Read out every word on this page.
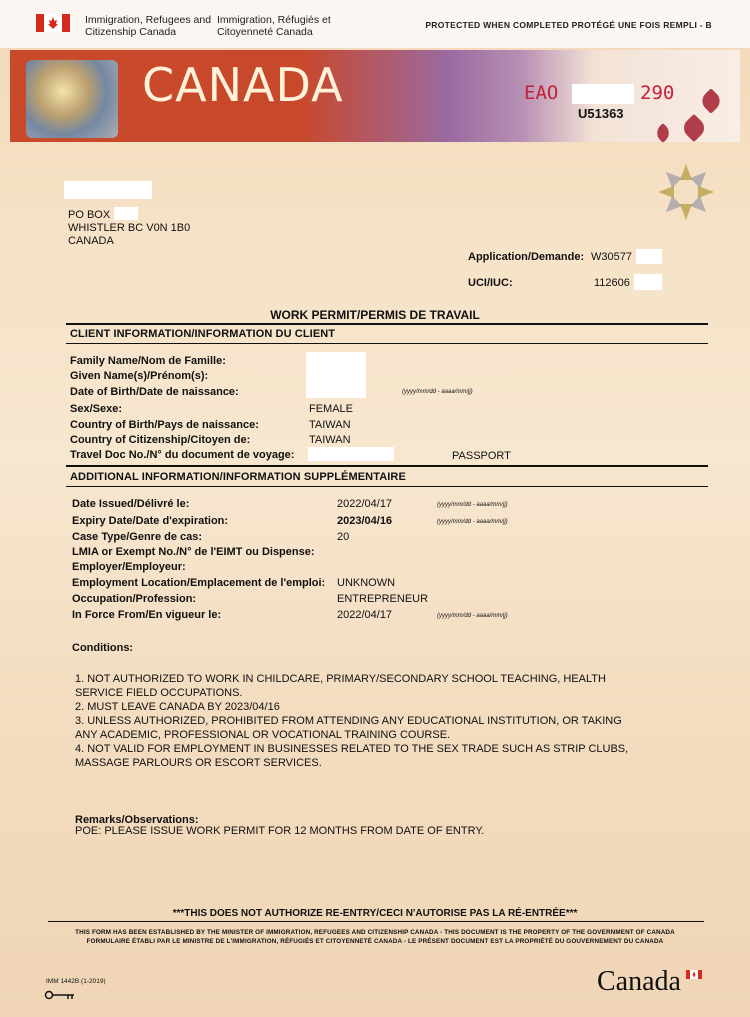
Immigration, Refugees and
Citizenship Canada
Immigration, Réfugiés et
Citoyenneté Canada
PROTECTED WHEN COMPLETED PROTÉGÉ UNE FOIS REMPLI - B
CANADA	EAO	290
U51363
PO BOX
WHISTLER BC V0N 1B0
CANADA
Application/Demande: W30577
UCI/IUC:	112606
WORK PERMIT/PERMIS DE TRAVAIL
CLIENT INFORMATION/INFORMATION DU CLIENT
Family Name/Nom de Famille:
Given Name(s)/Prénom(s):
Date of Birth/Date de naissance:	(yyyy/mm/dd - aaaa/mm/jj)
Sex/Sexe:	FEMALE
Country of Birth/Pays de naissance:	TAIWAN
Country of Citizenship/Citoyen de:	TAIWAN
Travel Doc No./N° du document de voyage:	PASSPORT
ADDITIONAL INFORMATION/INFORMATION SUPPLÉMENTAIRE
Date Issued/Délivré le:	2022/04/17	(yyyy/mm/dd - aaaa/mm/jj)
Expiry Date/Date d'expiration:	2023/04/16	(yyyy/mm/dd - aaaa/mm/jj)
Case Type/Genre de cas:	20
LMIA or Exempt No./N° de l'EIMT ou Dispense:
Employer/Employeur:
Employment Location/Emplacement de l'emploi: UNKNOWN
Occupation/Profession:	ENTREPRENEUR
In Force From/En vigueur le:	2022/04/17	(yyyy/mm/dd - aaaa/mm/jj)
Conditions:
1. NOT AUTHORIZED TO WORK IN CHILDCARE, PRIMARY/SECONDARY SCHOOL TEACHING, HEALTH
SERVICE FIELD OCCUPATIONS.
2. MUST LEAVE CANADA BY 2023/04/16
3. UNLESS AUTHORIZED, PROHIBITED FROM ATTENDING ANY EDUCATIONAL INSTITUTION, OR TAKING
ANY ACADEMIC, PROFESSIONAL OR VOCATIONAL TRAINING COURSE.
4. NOT VALID FOR EMPLOYMENT IN BUSINESSES RELATED TO THE SEX TRADE SUCH AS STRIP CLUBS,
MASSAGE PARLOURS OR ESCORT SERVICES.
Remarks/Observations:
POE: PLEASE ISSUE WORK PERMIT FOR 12 MONTHS FROM DATE OF ENTRY.
***THIS DOES NOT AUTHORIZE RE-ENTRY/CECI N'AUTORISE PAS LA RÉ-ENTRÉE***
THIS FORM HAS BEEN ESTABLISHED BY THE MINISTER OF IMMIGRATION, REFUGEES AND CITIZENSHIP CANADA - THIS DOCUMENT IS THE PROPERTY OF THE GOVERNMENT OF CANADA
FORMULAIRE ÉTABLI PAR LE MINISTRE DE L'IMMIGRATION, RÉFUGIÉS ET CITOYENNETÉ CANADA - LE PRÉSENT DOCUMENT EST LA PROPRIÉTÉ DU GOUVERNEMENT DU CANADA
IMM 1442B (1-2019)	Canada
